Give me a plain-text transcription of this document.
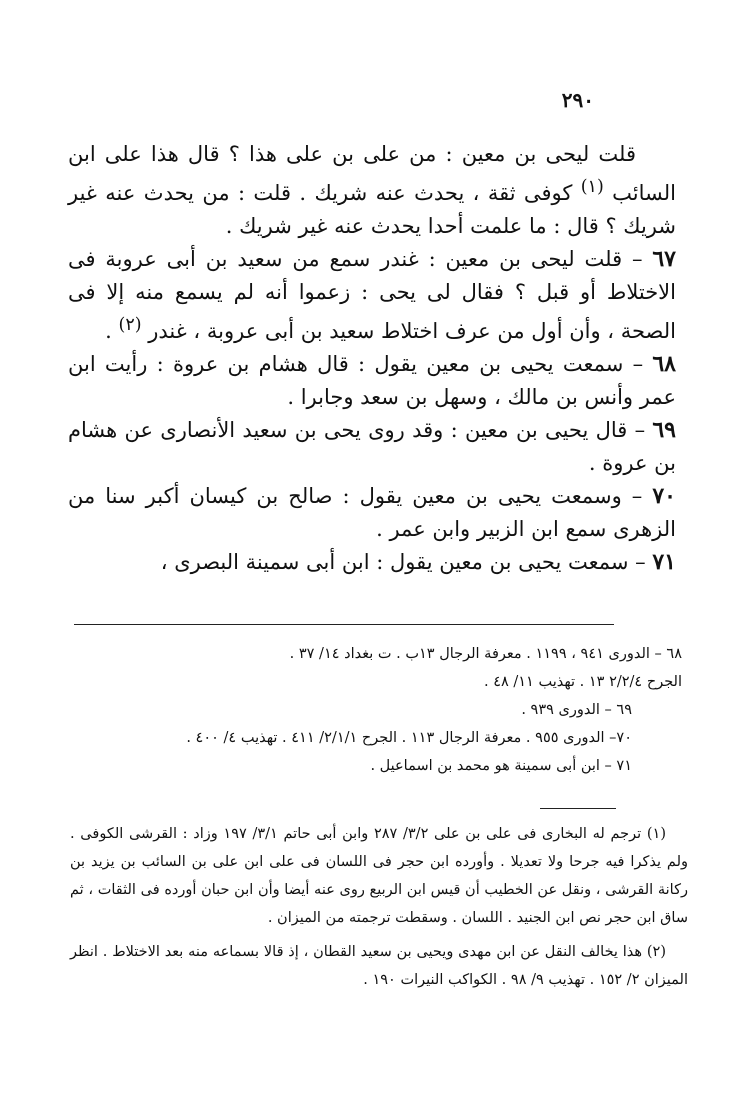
٢٩٠

قلت ليحى بن معين : من على بن على هذا ؟ قال هذا على ابن السائب $^{(١)}$ كوفى ثقة ، يحدث عنه شريك . قلت : من يحدث عنه غير شريك ؟ قال : ما علمت أحدا يحدث عنه غير شريك .

٦٧ – قلت ليحى بن معين : غندر سمع من سعيد بن أبى عروبة فى الاختلاط أو قبل ؟ فقال لى يحى : زعموا أنه لم يسمع منه إلا فى الصحة ، وأن أول من عرف اختلاط سعيد بن أبى عروبة ، غندر $^{(٢)}$ .

٦٨ – سمعت يحيى بن معين يقول : قال هشام بن عروة : رأيت ابن عمر وأنس بن مالك ، وسهل بن سعد وجابرا .

٦٩ – قال يحيى بن معين : وقد روى يحى بن سعيد الأنصارى عن هشام بن عروة .

٧٠ – وسمعت يحيى بن معين يقول : صالح بن كيسان أكبر سنا من الزهرى سمع ابن الزبير وابن عمر .

٧١ – سمعت يحيى بن معين يقول : ابن أبى سمينة البصرى ،

٦٨ – الدورى ٩٤١ ، ١١٩٩ . معرفة الرجال ١٣ب . ت بغداد ١٤/ ٣٧ .

الجرح ٢/٢/٤ ١٣ . تهذيب ١١/ ٤٨ .

٦٩ – الدورى ٩٣٩ .

٧٠– الدورى ٩٥٥ . معرفة الرجال ١١٣ . الجرح ٢/١/١/ ٤١١ . تهذيب ٤/ ٤٠٠ .

٧١ – ابن أبى سمينة هو محمد بن اسماعيل .

(١) ترجم له البخارى فى على بن على ٣/٢/ ٢٨٧ وابن أبى حاتم ٣/١/ ١٩٧ وزاد : القرشى الكوفى . ولم يذكرا فيه جرحا ولا تعديلا . وأورده ابن حجر فى اللسان فى على ابن على بن السائب بن يزيد بن ركانة القرشى ، ونقل عن الخطيب أن قيس ابن الربيع روى عنه أيضا وأن ابن حبان أورده فى الثقات ، ثم ساق ابن حجر نص ابن الجنيد . اللسان . وسقطت ترجمته من الميزان .

(٢) هذا يخالف النقل عن ابن مهدى ويحيى بن سعيد القطان ، إذ قالا بسماعه منه بعد الاختلاط . انظر الميزان ٢/ ١٥٢ . تهذيب ٩/ ٩٨ . الكواكب النيرات ١٩٠ .
